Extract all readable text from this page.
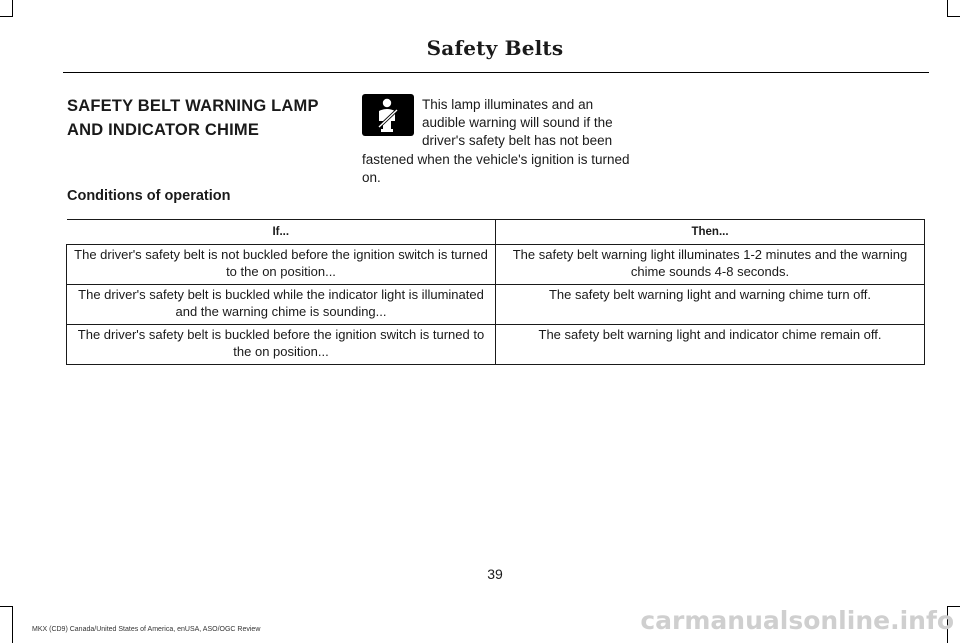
Safety Belts
SAFETY BELT WARNING LAMP
AND INDICATOR CHIME
This lamp illuminates and an audible warning will sound if the driver's safety belt has not been fastened when the vehicle's ignition is turned on.
Conditions of operation
If...	Then...
The driver's safety belt is not buckled before the ignition switch is turned to the on position...	The safety belt warning light illuminates 1-2 minutes and the warning chime sounds 4-8 seconds.
The driver's safety belt is buckled while the indicator light is illuminated and the warning chime is sounding...	The safety belt warning light and warning chime turn off.
The driver's safety belt is buckled before the ignition switch is turned to the on position...	The safety belt warning light and indicator chime remain off.
39
MKX (CD9) Canada/United States of America, enUSA, ASO/OGC Review	carmanualsonline.info
